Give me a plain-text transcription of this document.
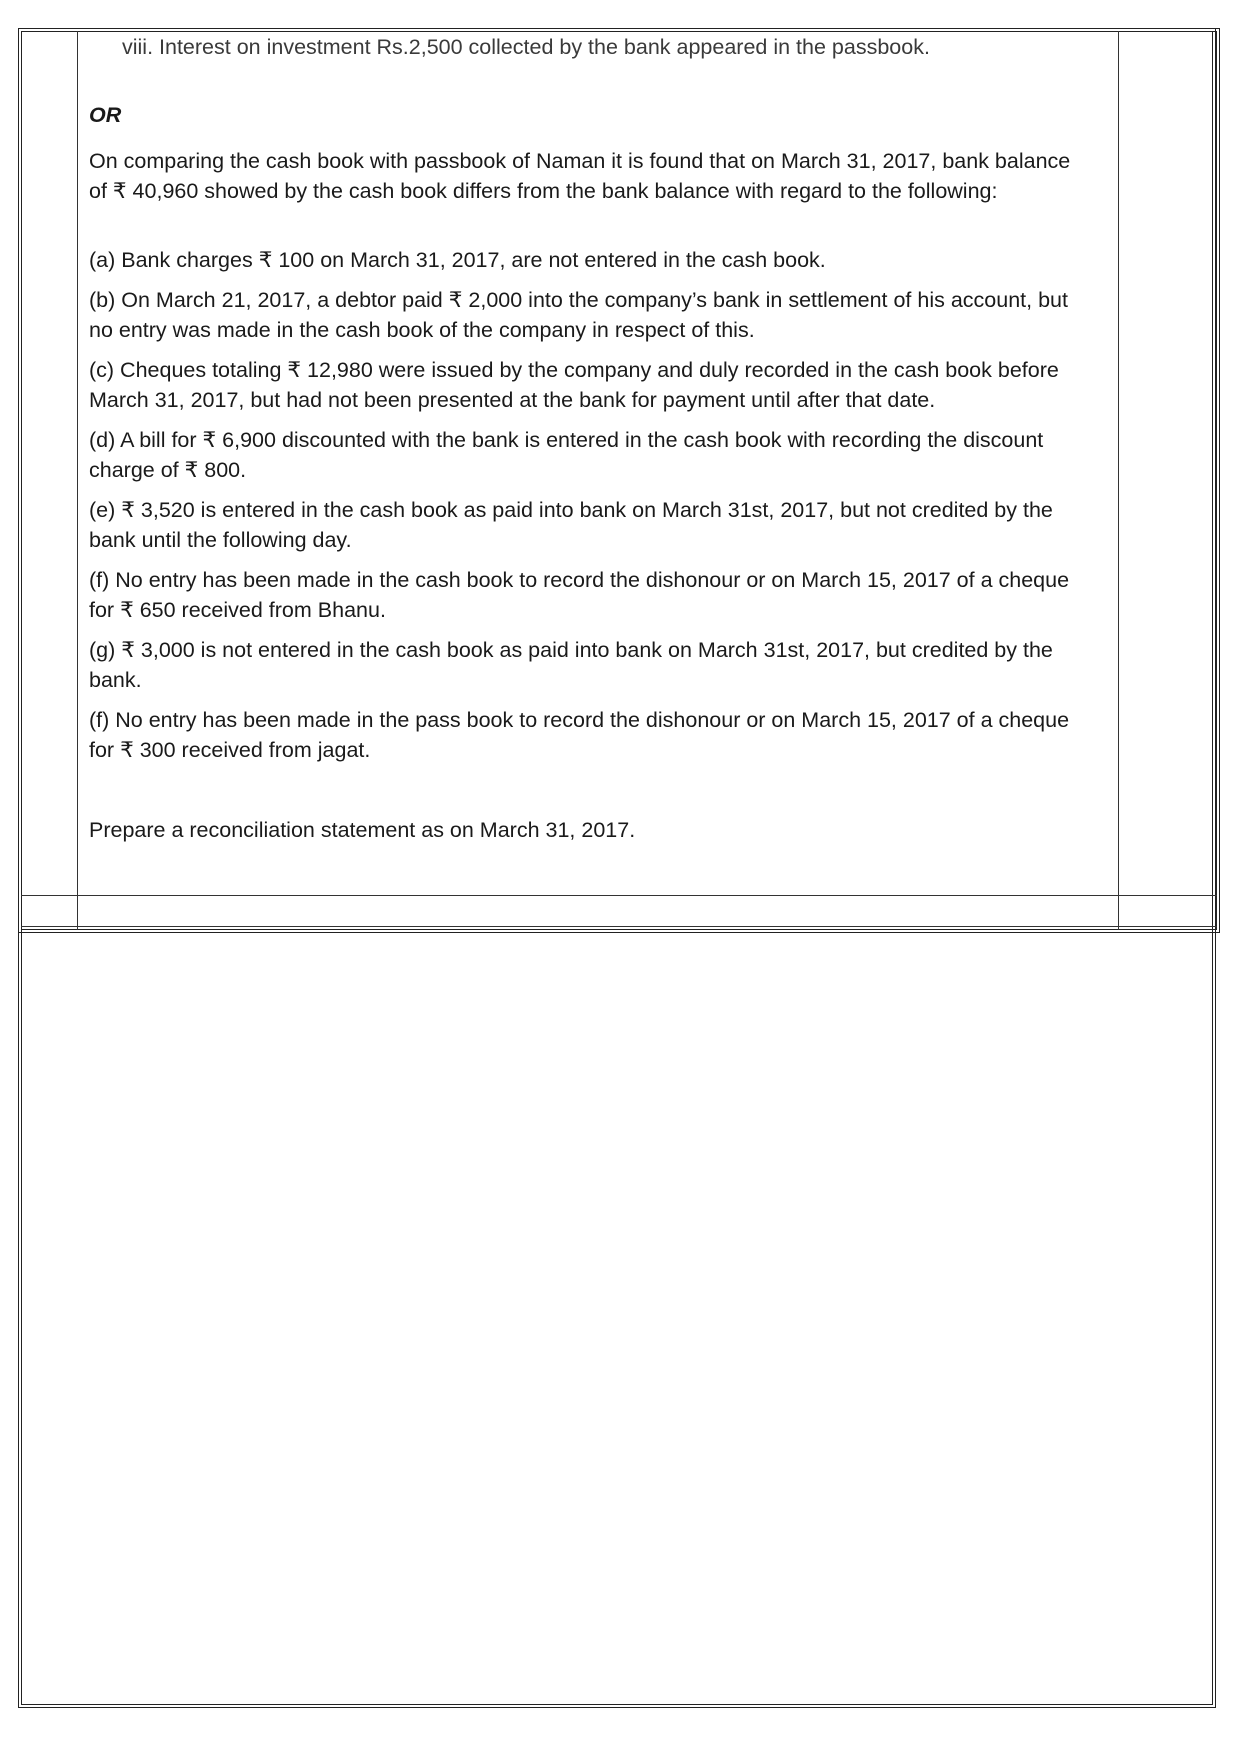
viii. Interest on investment Rs.2,500 collected by the bank appeared in the passbook.
OR
On comparing the cash book with passbook of Naman it is found that on March 31, 2017, bank balance of ₹ 40,960 showed by the cash book differs from the bank balance with regard to the following:
(a) Bank charges ₹ 100 on March 31, 2017, are not entered in the cash book.
(b) On March 21, 2017, a debtor paid ₹ 2,000 into the company’s bank in settlement of his account, but no entry was made in the cash book of the company in respect of this.
(c) Cheques totaling ₹ 12,980 were issued by the company and duly recorded in the cash book before March 31, 2017, but had not been presented at the bank for payment until after that date.
(d) A bill for ₹ 6,900 discounted with the bank is entered in the cash book with recording the discount charge of ₹ 800.
(e) ₹ 3,520 is entered in the cash book as paid into bank on March 31st, 2017, but not credited by the bank until the following day.
(f) No entry has been made in the cash book to record the dishonour or on March 15, 2017 of a cheque for ₹ 650 received from Bhanu.
(g) ₹ 3,000 is not entered in the cash book as paid into bank on March 31st, 2017, but credited by the bank.
(f) No entry has been made in the pass book to record the dishonour or on March 15, 2017 of a cheque for ₹ 300 received from jagat.
Prepare a reconciliation statement as on March 31, 2017.
